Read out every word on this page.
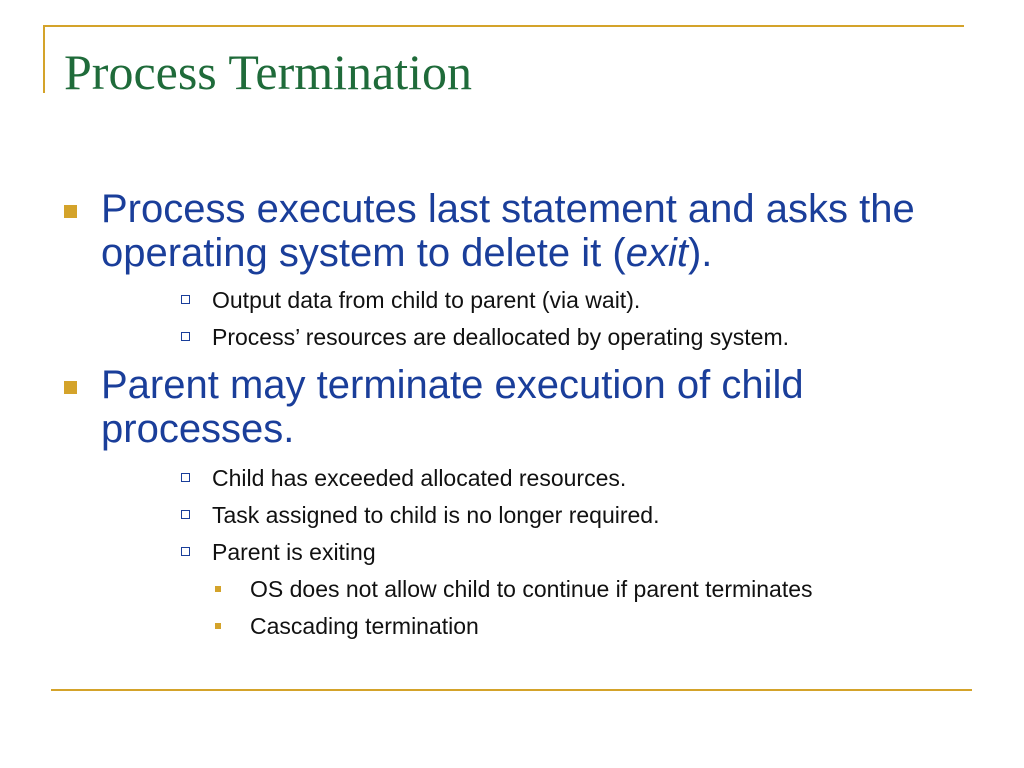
Process Termination
Process executes last statement and asks the operating system to delete it (exit).
Output data from child to parent (via wait).
Process’ resources are deallocated by operating system.
Parent may terminate execution of child processes.
Child has exceeded allocated resources.
Task assigned to child is no longer required.
Parent is exiting
OS does not allow child to continue if parent terminates
Cascading termination
